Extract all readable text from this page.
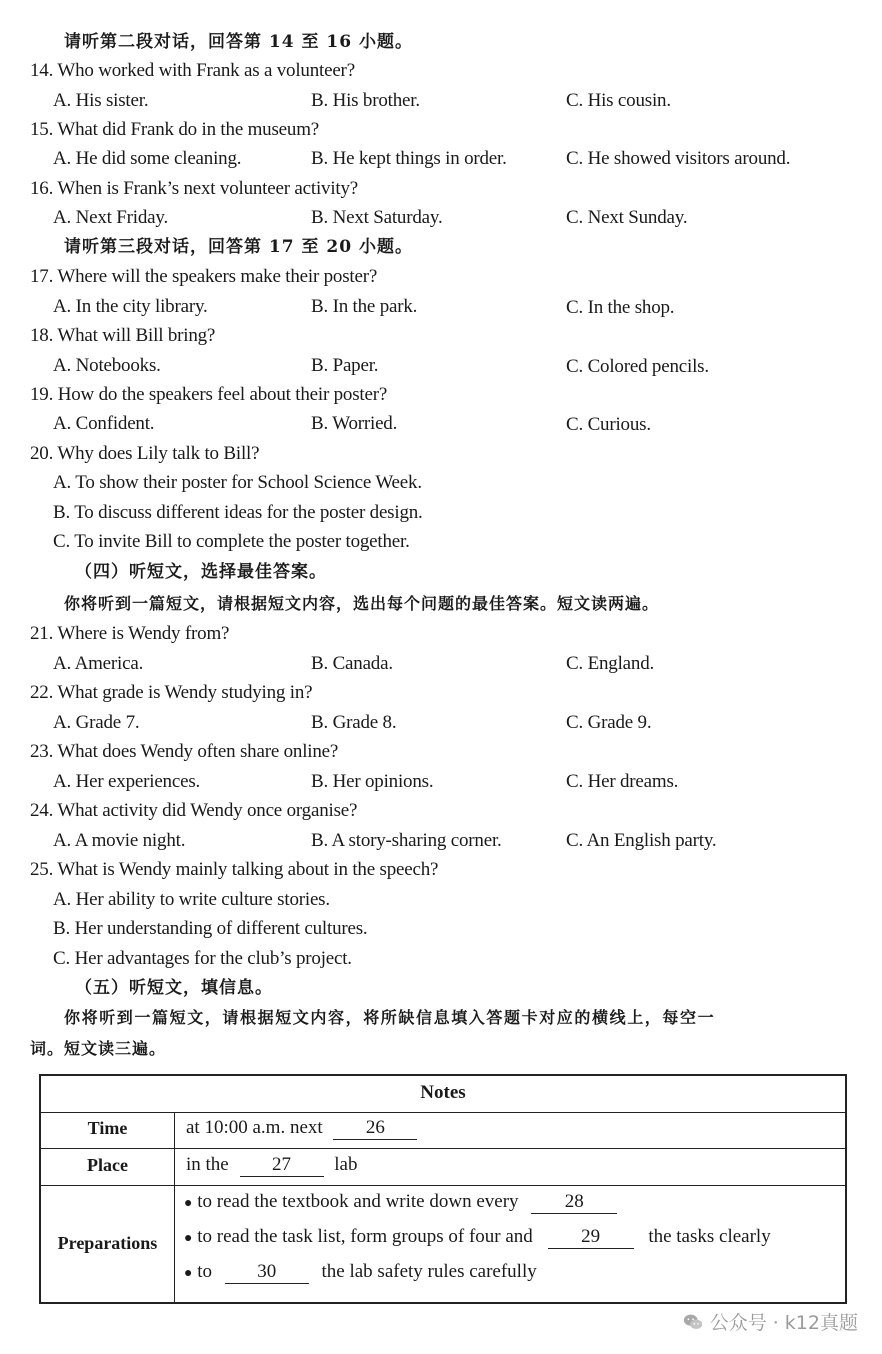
请听第二段对话，回答第 14 至 16 小题。
14. Who worked with Frank as a volunteer?
A. His sister.	B. His brother.	C. His cousin.
15. What did Frank do in the museum?
A. He did some cleaning.	B. He kept things in order.	C. He showed visitors around.
16. When is Frank’s next volunteer activity?
A. Next Friday.	B. Next Saturday.	C. Next Sunday.
请听第三段对话，回答第 17 至 20 小题。
17. Where will the speakers make their poster?
A. In the city library.	B. In the park.	C. In the shop.
18. What will Bill bring?
A. Notebooks.	B. Paper.	C. Colored pencils.
19. How do the speakers feel about their poster?
A. Confident.	B. Worried.	C. Curious.
20. Why does Lily talk to Bill?
A. To show their poster for School Science Week.
B. To discuss different ideas for the poster design.
C. To invite Bill to complete the poster together.
（四）听短文，选择最佳答案。
你将听到一篇短文，请根据短文内容，选出每个问题的最佳答案。短文读两遍。
21. Where is Wendy from?
A. America.	B. Canada.	C. England.
22. What grade is Wendy studying in?
A. Grade 7.	B. Grade 8.	C. Grade 9.
23. What does Wendy often share online?
A. Her experiences.	B. Her opinions.	C. Her dreams.
24. What activity did Wendy once organise?
A. A movie night.	B. A story-sharing corner.	C. An English party.
25. What is Wendy mainly talking about in the speech?
A. Her ability to write culture stories.
B. Her understanding of different cultures.
C. Her advantages for the club’s project.
（五）听短文，填信息。
你将听到一篇短文，请根据短文内容，将所缺信息填入答题卡对应的横线上，每空一
词。短文读三遍。
Notes
Time	at 10:00 a.m. next 26
Place	in the 27 lab
Preparations
● to read the textbook and write down every 28
● to read the task list, form groups of four and	29	the tasks clearly
● to 30 the lab safety rules carefully
公众号 · k12真题
